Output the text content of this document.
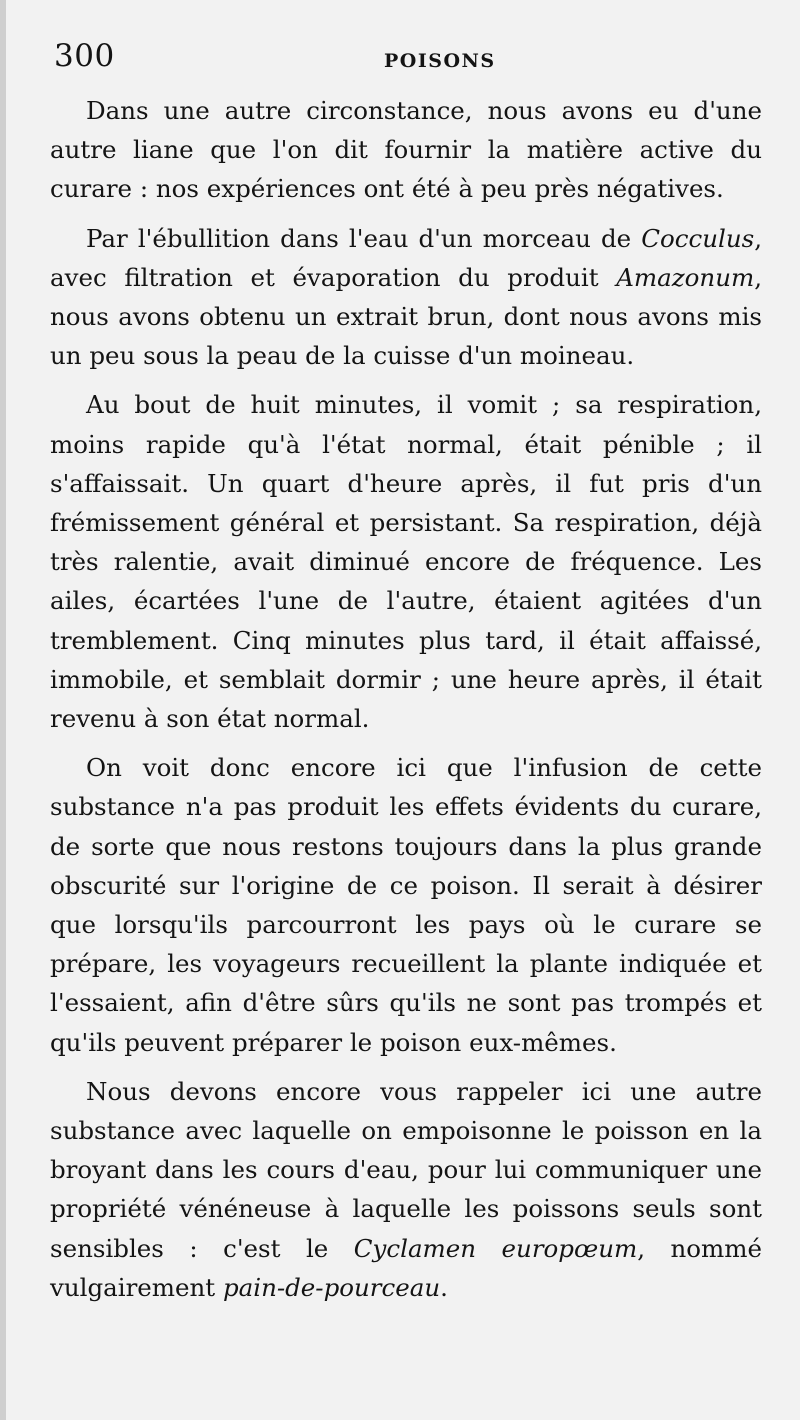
300	POISONS

Dans une autre circonstance, nous avons eu d'une autre liane que l'on dit fournir la matière active du curare : nos expériences ont été à peu près négatives.

Par l'ébullition dans l'eau d'un morceau de Cocculus, avec filtration et évaporation du produit Amazonum, nous avons obtenu un extrait brun, dont nous avons mis un peu sous la peau de la cuisse d'un moineau.

Au bout de huit minutes, il vomit ; sa respiration, moins rapide qu'à l'état normal, était pénible ; il s'affaissait. Un quart d'heure après, il fut pris d'un frémissement général et persistant. Sa respiration, déjà très ralentie, avait diminué encore de fréquence. Les ailes, écartées l'une de l'autre, étaient agitées d'un tremblement. Cinq minutes plus tard, il était affaissé, immobile, et semblait dormir ; une heure après, il était revenu à son état normal.

On voit donc encore ici que l'infusion de cette substance n'a pas produit les effets évidents du curare, de sorte que nous restons toujours dans la plus grande obscurité sur l'origine de ce poison. Il serait à désirer que lorsqu'ils parcourront les pays où le curare se prépare, les voyageurs recueillent la plante indiquée et l'essaient, afin d'être sûrs qu'ils ne sont pas trompés et qu'ils peuvent préparer le poison eux-mêmes.

Nous devons encore vous rappeler ici une autre substance avec laquelle on empoisonne le poisson en la broyant dans les cours d'eau, pour lui communiquer une propriété vénéneuse à laquelle les poissons seuls sont sensibles : c'est le Cyclamen europœum, nommé vulgairement pain-de-pourceau.
